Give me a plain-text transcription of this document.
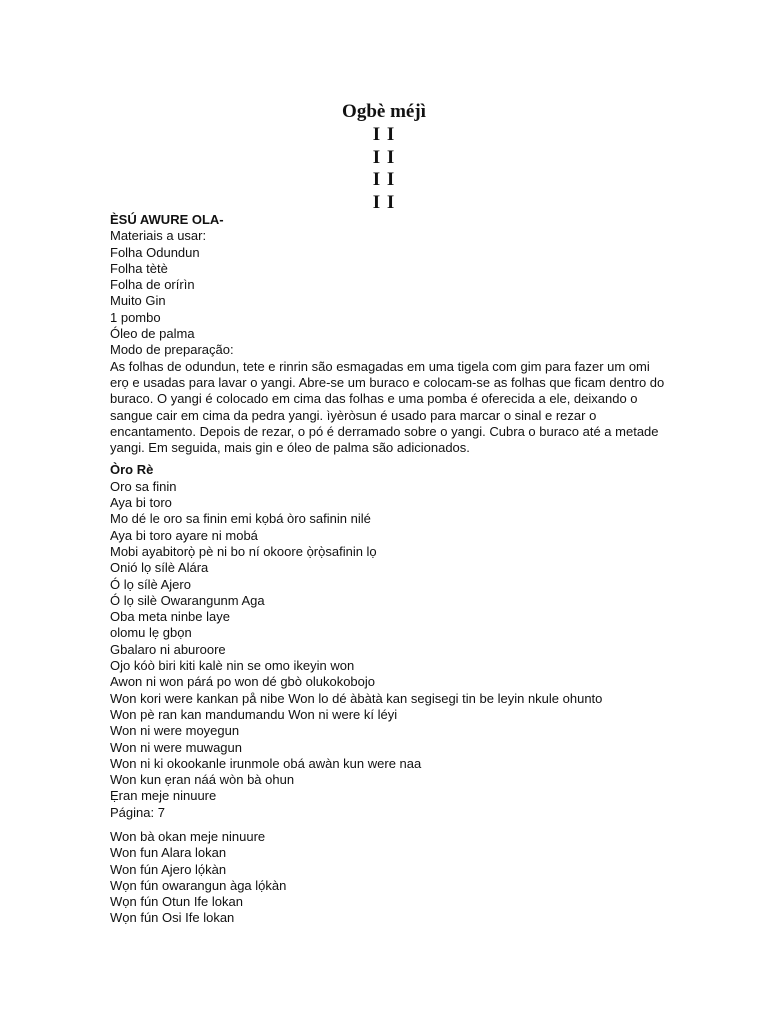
Ogbè méjì

I I

I I

I I

I I

ÈSÚ AWURE OLA-
Materiais a usar:
Folha Odundun
Folha tètè
Folha de orírìn
Muito Gin
1 pombo
Óleo de palma
Modo de preparação:
As folhas de odundun, tete e rinrin são esmagadas em uma tigela com gim para fazer um omi erọ e usadas para lavar o yangi. Abre-se um buraco e colocam-se as folhas que ficam dentro do buraco. O yangi é colocado em cima das folhas e uma pomba é oferecida a ele, deixando o sangue cair em cima da pedra yangi. ìyèròsun é usado para marcar o sinal e rezar o encantamento. Depois de rezar, o pó é derramado sobre o yangi. Cubra o buraco até a metade yangi. Em seguida, mais gin e óleo de palma são adicionados.
Òro Rè
Oro sa finin
Aya bi toro
Mo dé le oro sa finin emi kọbá òro safinin nilé
Aya bi toro ayare ni mobá
Mobi ayabitorọ̀ pè ni bo ní okoore ọ̀rọ̀safinin lọ
Onió lọ sílè Alára
Ó lọ sílè Ajero
Ó lọ silè Owarangunm Aga
Oba meta ninbe laye
olomu lẹ gbọn
Gbalaro ni aburoore
Ojo kóò biri kiti kalè nin se omo ikeyin won
Awon ni won párá po won dé gbò olukokobojo
Won kori were kankan på nibe Won lo dé àbàtà kan segisegi tin be leyin nkule ohunto
Won pè ran kan mandumandu Won ni were kí léyi
Won ni were moyegun
Won ni were muwagun
Won ni ki okookanle irunmole obá awàn kun were naa
Won kun ẹran náá wòn bà ohun
Ẹran meje ninuure
Página: 7
Won bà okan meje ninuure
Won fun Alara lokan
Won fún Ajero lọ́kàn
Wọn fún owarangun àga lọ́kàn
Wọn fún Otun Ife lokan
Wọn fún Osi Ife lokan
